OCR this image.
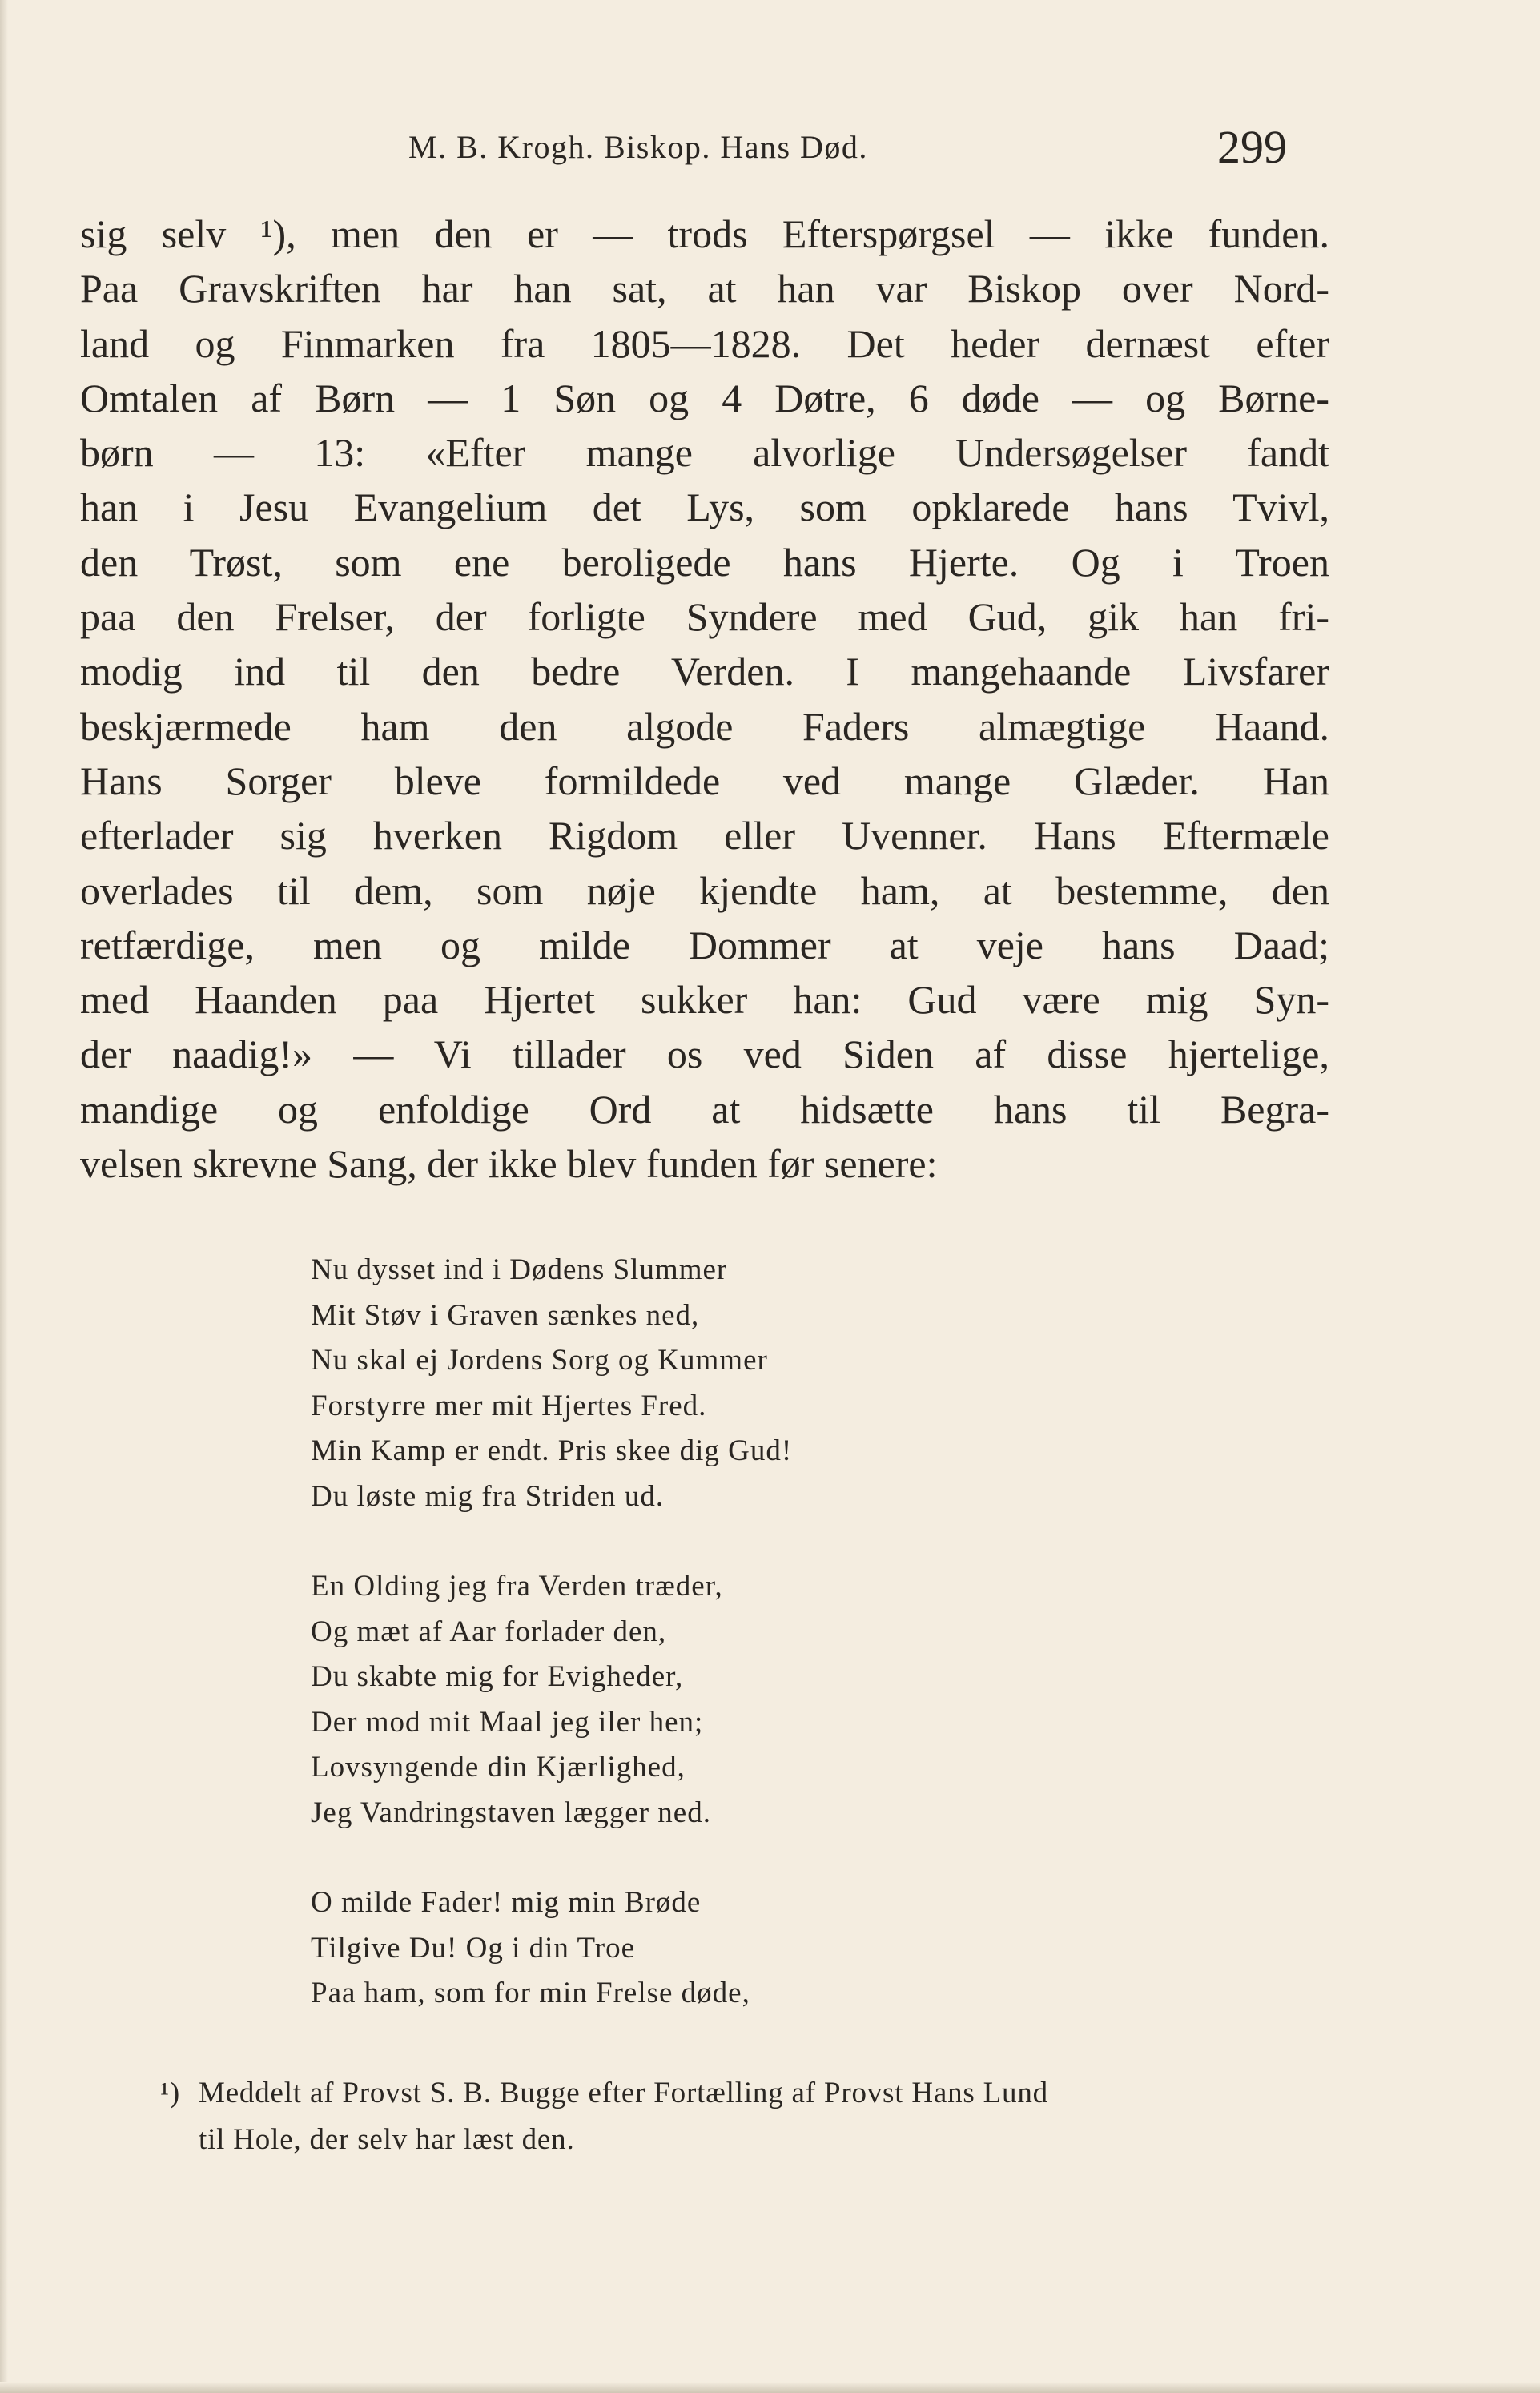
M. B. Krogh. Biskop. Hans Død.	299
sig selv ¹), men den er — trods Efterspørgsel — ikke funden.
Paa Gravskriften har han sat, at han var Biskop over Nord-
land og Finmarken fra 1805—1828. Det heder dernæst efter
Omtalen af Børn — 1 Søn og 4 Døtre, 6 døde — og Børne-
børn — 13: «Efter mange alvorlige Undersøgelser fandt
han i Jesu Evangelium det Lys, som opklarede hans Tvivl,
den Trøst, som ene beroligede hans Hjerte. Og i Troen
paa den Frelser, der forligte Syndere med Gud, gik han fri-
modig ind til den bedre Verden. I mangehaande Livsfarer
beskjærmede ham den algode Faders almægtige Haand.
Hans Sorger bleve formildede ved mange Glæder. Han
efterlader sig hverken Rigdom eller Uvenner. Hans Eftermæle
overlades til dem, som nøje kjendte ham, at bestemme, den
retfærdige, men og milde Dommer at veje hans Daad;
med Haanden paa Hjertet sukker han: Gud være mig Syn-
der naadig!» — Vi tillader os ved Siden af disse hjertelige,
mandige og enfoldige Ord at hidsætte hans til Begra-
velsen skrevne Sang, der ikke blev funden før senere:
Nu dysset ind i Dødens Slummer
Mit Støv i Graven sænkes ned,
Nu skal ej Jordens Sorg og Kummer
Forstyrre mer mit Hjertes Fred.
Min Kamp er endt. Pris skee dig Gud!
Du løste mig fra Striden ud.
En Olding jeg fra Verden træder,
Og mæt af Aar forlader den,
Du skabte mig for Evigheder,
Der mod mit Maal jeg iler hen;
Lovsyngende din Kjærlighed,
Jeg Vandringstaven lægger ned.
O milde Fader! mig min Brøde
Tilgive Du! Og i din Troe
Paa ham, som for min Frelse døde,
¹) Meddelt af Provst S. B. Bugge efter Fortælling af Provst Hans Lund
til Hole, der selv har læst den.
